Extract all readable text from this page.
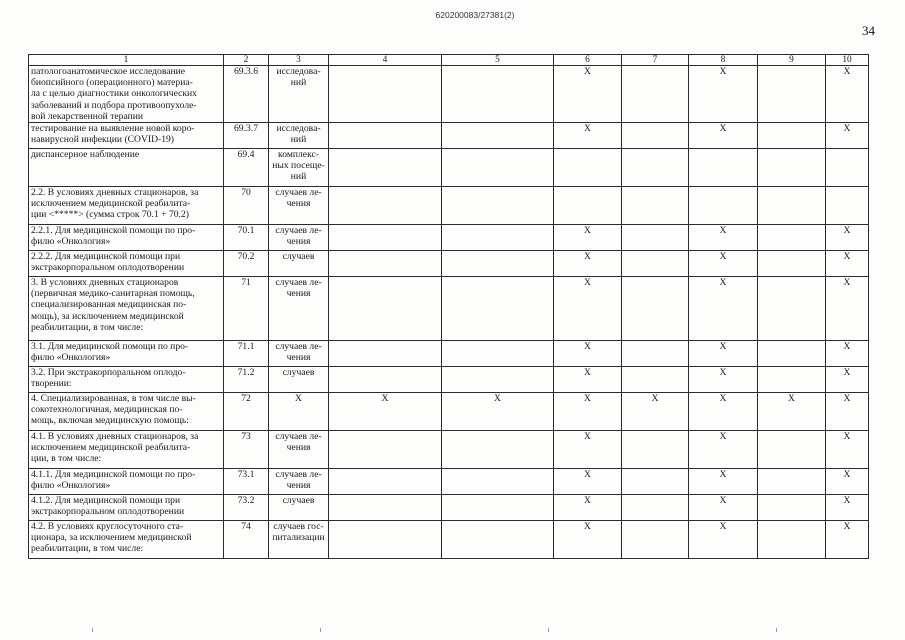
620200083/27381(2)
34
1	2	3	4	5	6	7	8	9	10
патологоанатомическое исследование
биопсийного (операционного) материа-
ла с целью диагностики онкологических
заболеваний и подбора противоопухоле-
вой лекарственной терапии	69.3.6	исследова-
ний			X		X		X
тестирование на выявление новой коро-
навирусной инфекции (COVID-19)	69.3.7	исследова-
ний			X		X		X
диспансерное наблюдение	69.4	комплекс-
ных посеще-
ний							
2.2. В условиях дневных стационаров, за
исключением медицинской реабилита-
ции <*****> (сумма строк 70.1 + 70.2)	70	случаев ле-
чения							
2.2.1. Для медицинской помощи по про-
филю «Онкология»	70.1	случаев ле-
чения			X		X		X
2.2.2. Для медицинской помощи при
экстракорпоральном оплодотворении	70.2	случаев			X		X		X
3. В условиях дневных стационаров
(первичная медико-санитарная помощь,
специализированная медицинская по-
мощь), за исключением медицинской
реабилитации, в том числе:	71	случаев ле-
чения			X		X		X
3.1. Для медицинской помощи по про-
филю «Онкология»	71.1	случаев ле-
чения			X		X		X
3.2. При экстракорпоральном оплодо-
творении:	71.2	случаев			X		X		X
4. Специализированная, в том числе вы-
сокотехнологичная, медицинская по-
мощь, включая медицинскую помощь:	72	X	X	X	X	X	X	X	X
4.1. В условиях дневных стационаров, за
исключением медицинской реабилита-
ции, в том числе:	73	случаев ле-
чения			X		X		X
4.1.1. Для медицинской помощи по про-
филю «Онкология»	73.1	случаев ле-
чения			X		X		X
4.1.2. Для медицинской помощи при
экстракорпоральном оплодотворении	73.2	случаев			X		X		X
4.2. В условиях круглосуточного ста-
ционара, за исключением медицинской
реабилитации, в том числе:	74	случаев гос-
питализации			X		X		X
